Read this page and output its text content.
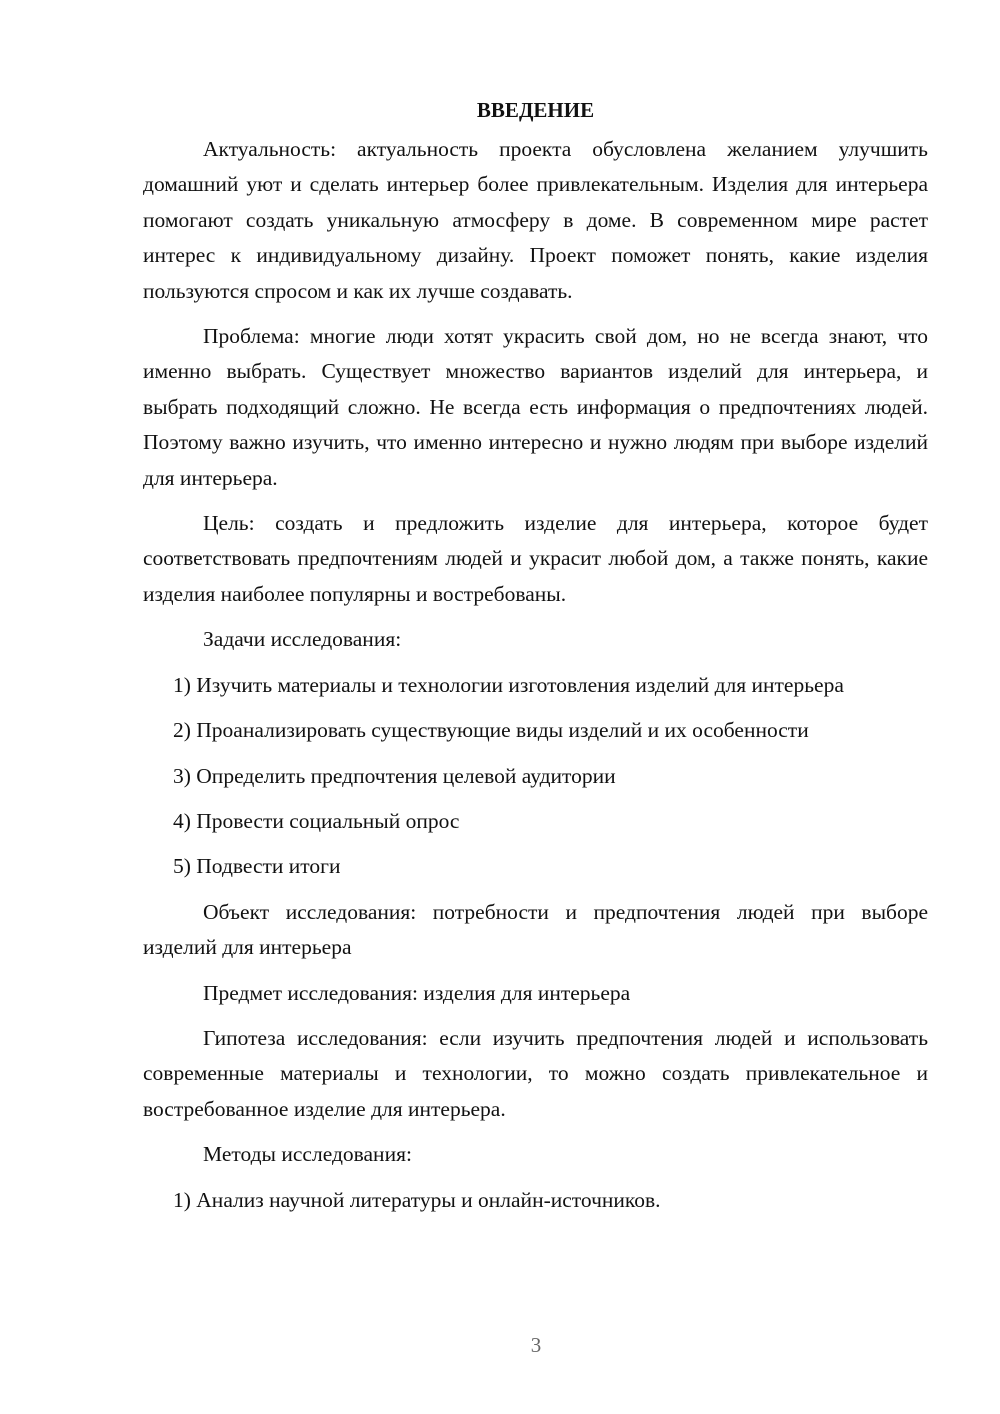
ВВЕДЕНИЕ

Актуальность: актуальность проекта обусловлена желанием улучшить домашний уют и сделать интерьер более привлекательным. Изделия для интерьера помогают создать уникальную атмосферу в доме. В современном мире растет интерес к индивидуальному дизайну. Проект поможет понять, какие изделия пользуются спросом и как их лучше создавать.

Проблема: многие люди хотят украсить свой дом, но не всегда знают, что именно выбрать. Существует множество вариантов изделий для интерьера, и выбрать подходящий сложно. Не всегда есть информация о предпочтениях людей. Поэтому важно изучить, что именно интересно и нужно людям при выборе изделий для интерьера.

Цель: создать и предложить изделие для интерьера, которое будет соответствовать предпочтениям людей и украсит любой дом, а также понять, какие изделия наиболее популярны и востребованы.

Задачи исследования:

1) Изучить материалы и технологии изготовления изделий для интерьера

2) Проанализировать существующие виды изделий и их особенности

3) Определить предпочтения целевой аудитории

4) Провести социальный опрос

5) Подвести итоги

Объект исследования: потребности и предпочтения людей при выборе изделий для интерьера

Предмет исследования: изделия для интерьера

Гипотеза исследования: если изучить предпочтения людей и использовать современные материалы и технологии, то можно создать привлекательное и востребованное изделие для интерьера.

Методы исследования:

1) Анализ научной литературы и онлайн-источников.

3
